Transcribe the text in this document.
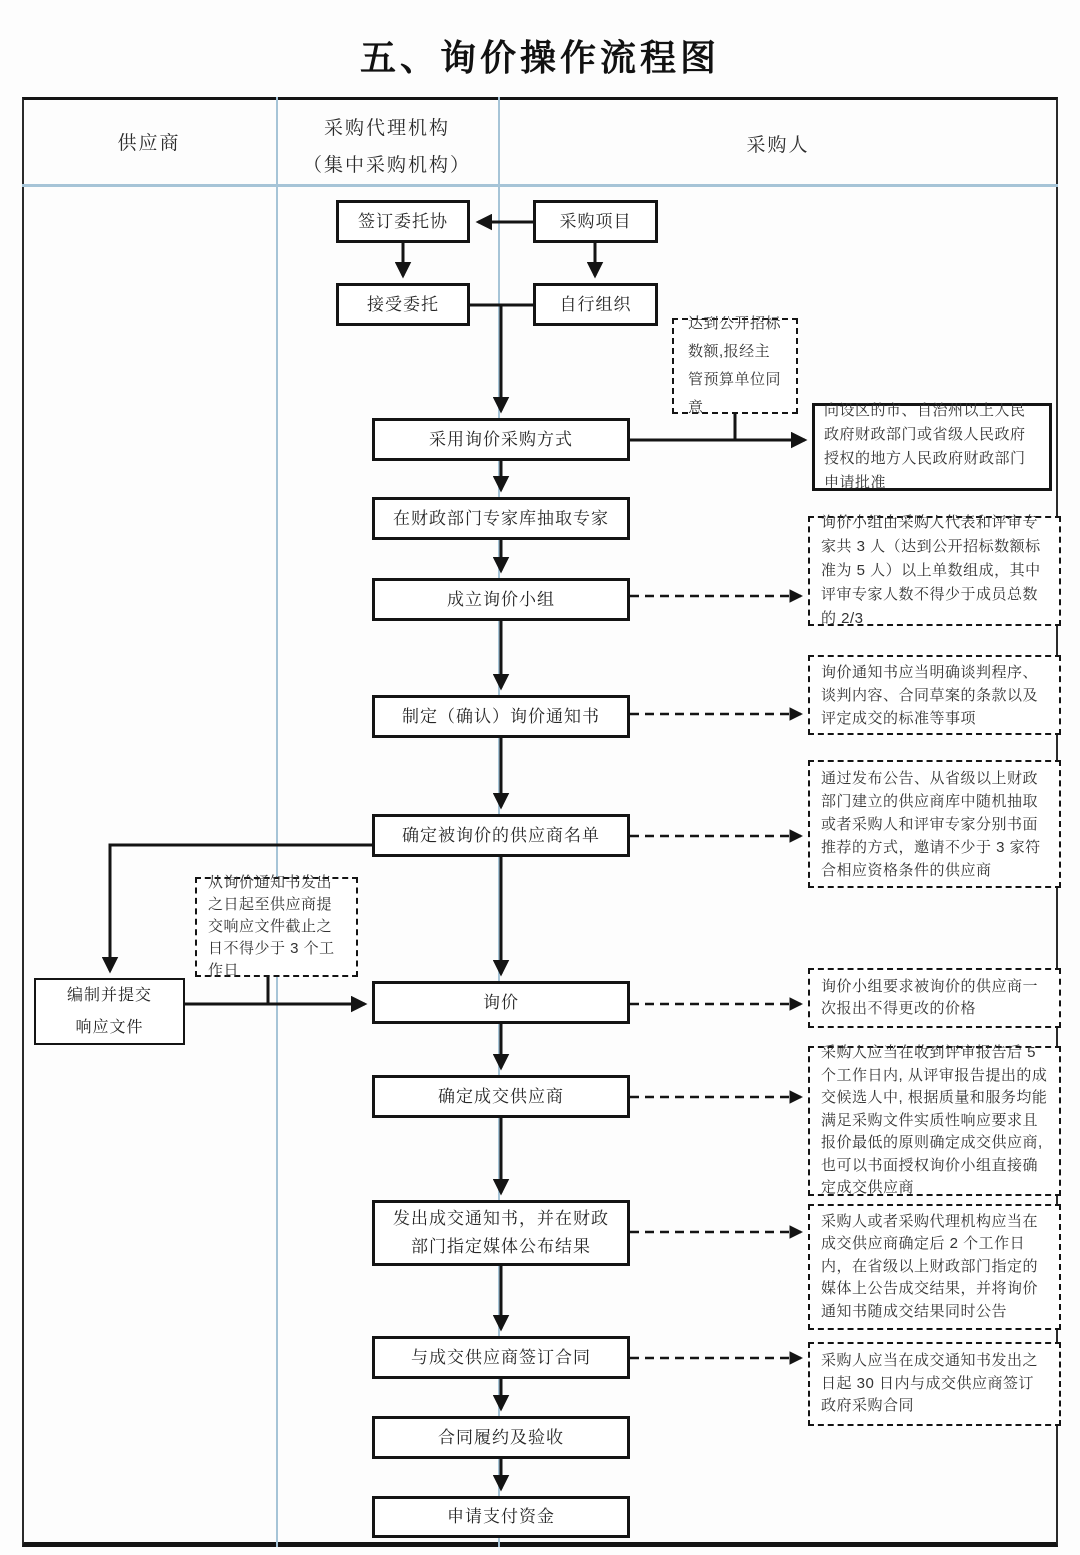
五、询价操作流程图
供应商
采购代理机构
（集中采购机构）
采购人
签订委托协	采购项目
接受委托	自行组织
采用询价采购方式
在财政部门专家库抽取专家
成立询价小组
制定（确认）询价通知书
确定被询价的供应商名单
询价
确定成交供应商
发出成交通知书，并在财政部门指定媒体公布结果
与成交供应商签订合同
合同履约及验收
申请支付资金
编制并提交
响应文件
向设区的市、自治州以上人民政府财政部门或省级人民政府授权的地方人民政府财政部门申请批准
达到公开招标数额,报经主管预算单位同意
询价小组由采购人代表和评审专家共 3 人（达到公开招标数额标准为 5 人）以上单数组成，其中评审专家人数不得少于成员总数的 2/3
询价通知书应当明确谈判程序、谈判内容、合同草案的条款以及评定成交的标准等事项
通过发布公告、从省级以上财政部门建立的供应商库中随机抽取或者采购人和评审专家分别书面推荐的方式，邀请不少于 3 家符合相应资格条件的供应商
从询价通知书发出之日起至供应商提交响应文件截止之日不得少于 3 个工作日
询价小组要求被询价的供应商一次报出不得更改的价格
采购人应当在收到评审报告后 5 个工作日内, 从评审报告提出的成交候选人中, 根据质量和服务均能满足采购文件实质性响应要求且报价最低的原则确定成交供应商, 也可以书面授权询价小组直接确定成交供应商
采购人或者采购代理机构应当在成交供应商确定后 2 个工作日内，在省级以上财政部门指定的媒体上公告成交结果，并将询价通知书随成交结果同时公告
采购人应当在成交通知书发出之日起 30 日内与成交供应商签订政府采购合同
